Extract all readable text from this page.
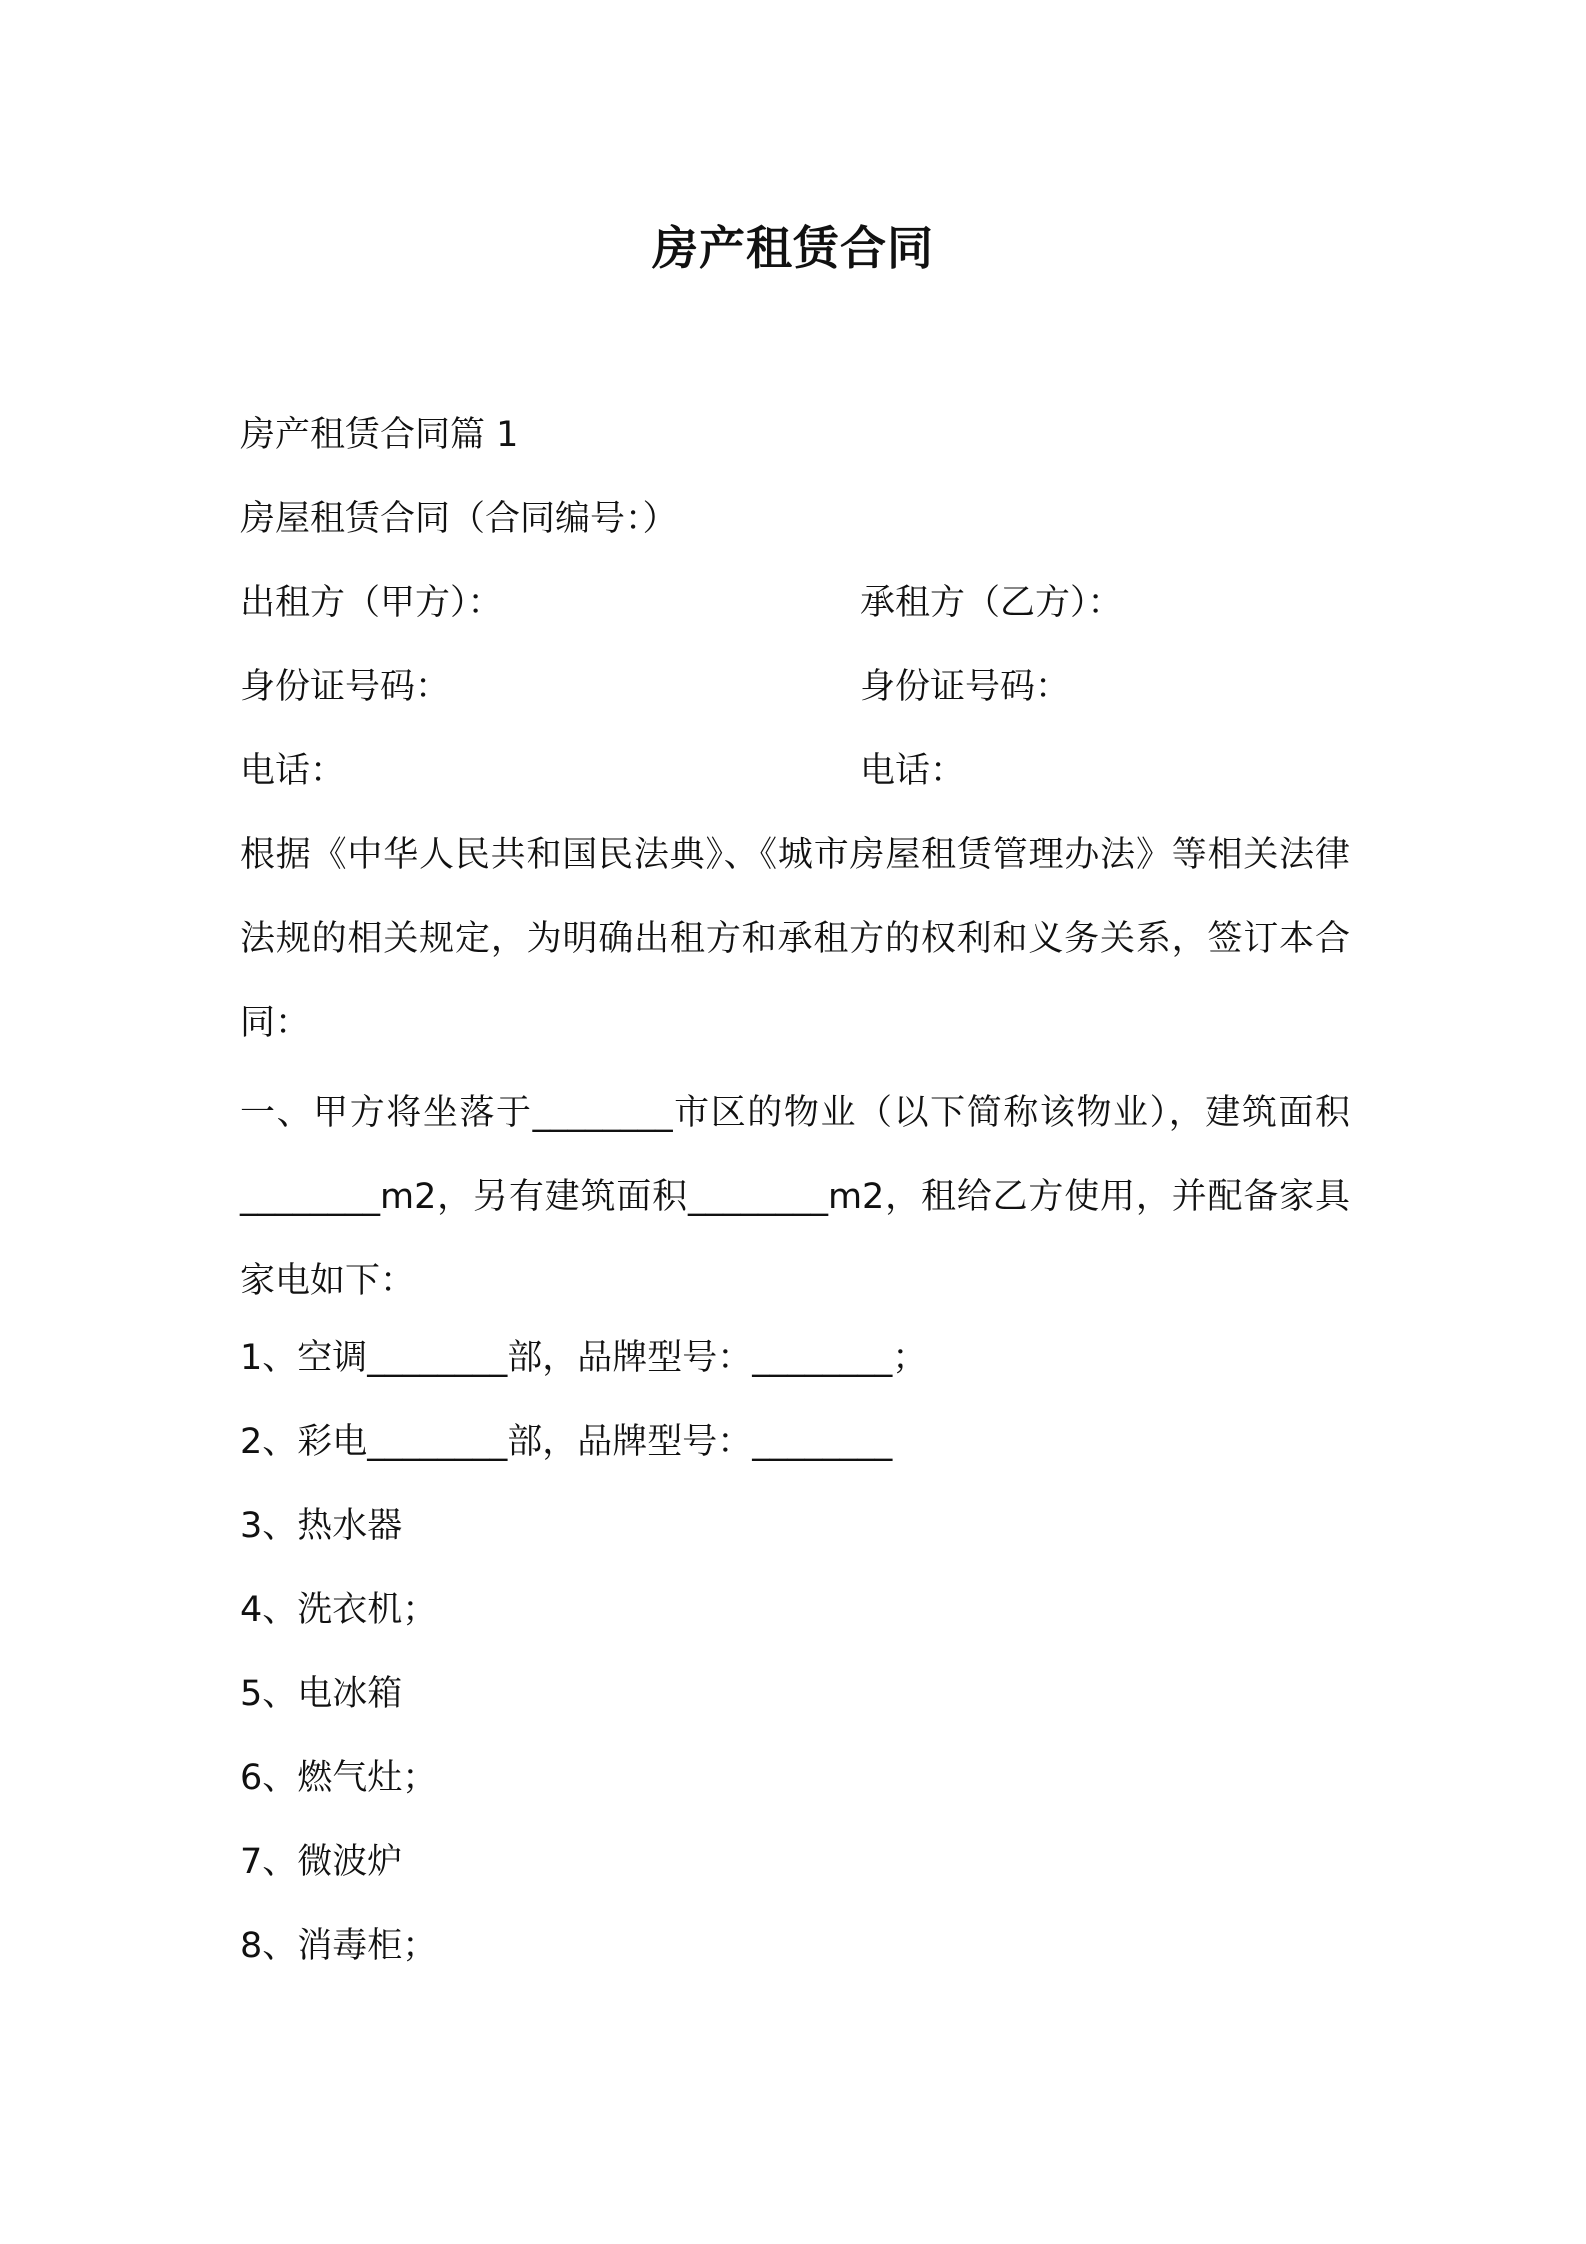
房产租赁合同
房产租赁合同篇 1
房屋租赁合同（合同编号：）
出租方（甲方）：	承租方（乙方）：
身份证号码：	身份证号码：
电话：	电话：
根据《中华人民共和国民法典》、《城市房屋租赁管理办法》等相关法律法规的相关规定，为明确出租方和承租方的权利和义务关系，签订本合同：
一、甲方将坐落于________市区的物业（以下简称该物业），建筑面积________m2，另有建筑面积________m2，租给乙方使用，并配备家具家电如下：
1、空调________部，品牌型号：________；
2、彩电________部，品牌型号：________
3、热水器
4、洗衣机；
5、电冰箱
6、燃气灶；
7、微波炉
8、消毒柜；
